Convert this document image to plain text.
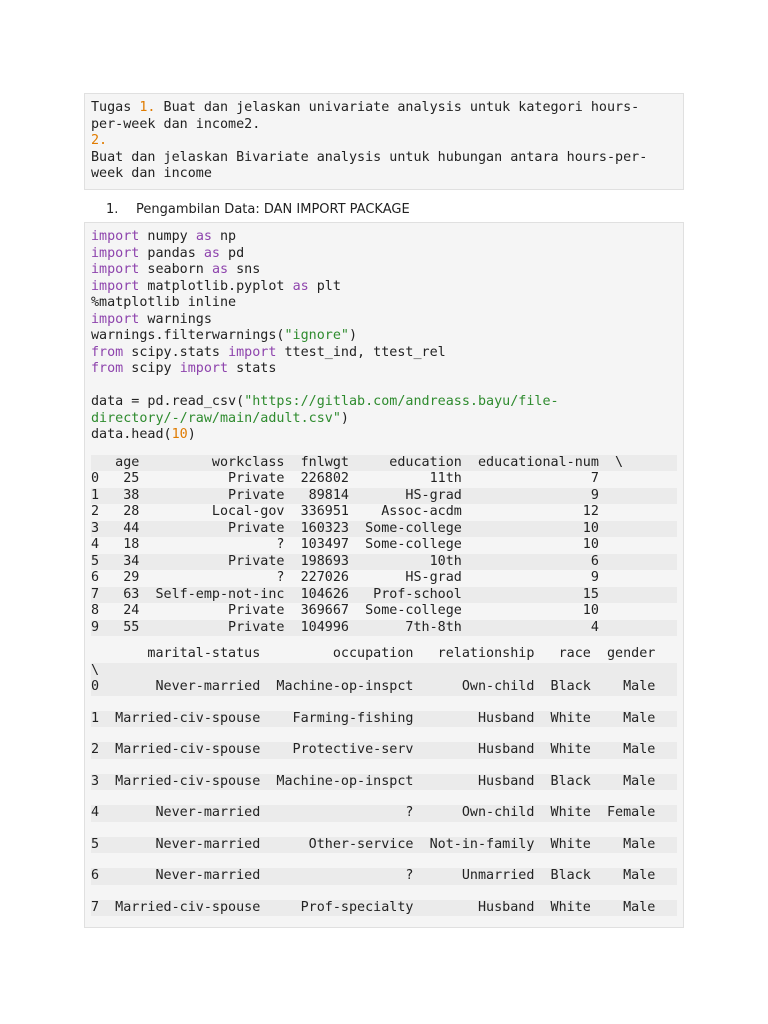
Tugas 1. Buat dan jelaskan univariate analysis untuk kategori hours-
per-week dan income2.
2.
Buat dan jelaskan Bivariate analysis untuk hubungan antara hours-per-
week dan income
1. Pengambilan Data: DAN IMPORT PACKAGE
import numpy as np
import pandas as pd
import seaborn as sns
import matplotlib.pyplot as plt
%matplotlib inline
import warnings
warnings.filterwarnings("ignore")
from scipy.stats import ttest_ind, ttest_rel
from scipy import stats
data = pd.read_csv("https://gitlab.com/andreass.bayu/file-
directory/-/raw/main/adult.csv")
data.head(10)
age         workclass  fnlwgt     education  educational-num  \
0   25           Private  226802          11th                7
1   38           Private   89814       HS-grad                9
2   28         Local-gov  336951    Assoc-acdm               12
3   44           Private  160323  Some-college               10
4   18                 ?  103497  Some-college               10
5   34           Private  198693          10th                6
6   29                 ?  227026       HS-grad                9
7   63  Self-emp-not-inc  104626   Prof-school               15
8   24           Private  369667  Some-college               10
9   55           Private  104996       7th-8th                4
marital-status         occupation   relationship   race  gender
\
0       Never-married  Machine-op-inspct      Own-child  Black    Male
1  Married-civ-spouse    Farming-fishing        Husband  White    Male
2  Married-civ-spouse    Protective-serv        Husband  White    Male
3  Married-civ-spouse  Machine-op-inspct        Husband  Black    Male
4       Never-married                  ?      Own-child  White  Female
5       Never-married      Other-service  Not-in-family  White    Male
6       Never-married                  ?      Unmarried  Black    Male
7  Married-civ-spouse     Prof-specialty        Husband  White    Male
